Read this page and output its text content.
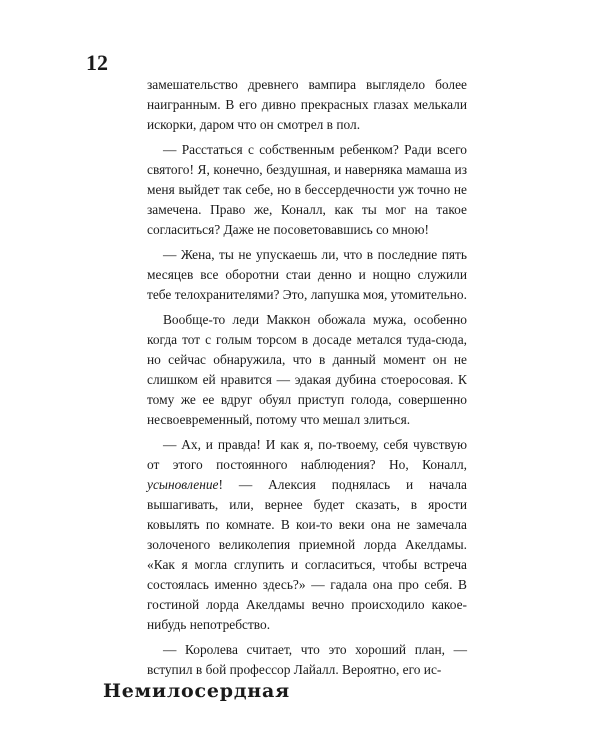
12

замешательство древнего вампира выглядело более наигранным. В его дивно прекрасных глазах мелькали искорки, даром что он смотрел в пол.

— Расстаться с собственным ребенком? Ради всего святого! Я, конечно, бездушная, и наверняка мамаша из меня выйдет так себе, но в бессердечности уж точно не замечена. Право же, Коналл, как ты мог на такое согласиться? Даже не посоветовавшись со мною!

— Жена, ты не упускаешь ли, что в последние пять месяцев все оборотни стаи денно и нощно служили тебе телохранителями? Это, лапушка моя, утомительно.

Вообще-то леди Маккон обожала мужа, особенно когда тот с голым торсом в досаде метался туда-сюда, но сейчас обнаружила, что в данный момент он не слишком ей нравится — эдакая дубина стоеросовая. К тому же ее вдруг обуял приступ голода, совершенно несвоевременный, потому что мешал злиться.

— Ах, и правда! И как я, по-твоему, себя чувствую от этого постоянного наблюдения? Но, Коналл, усыновление! — Алексия поднялась и начала вышагивать, или, вернее будет сказать, в ярости ковылять по комнате. В кои-то веки она не замечала золоченого великолепия приемной лорда Акелдамы. «Как я могла сглупить и согласиться, чтобы встреча состоялась именно здесь?» — гадала она про себя. В гостиной лорда Акелдамы вечно происходило какое-нибудь непотребство.

— Королева считает, что это хороший план, — вступил в бой профессор Лайалл. Вероятно, его ис-

Немилосердная
